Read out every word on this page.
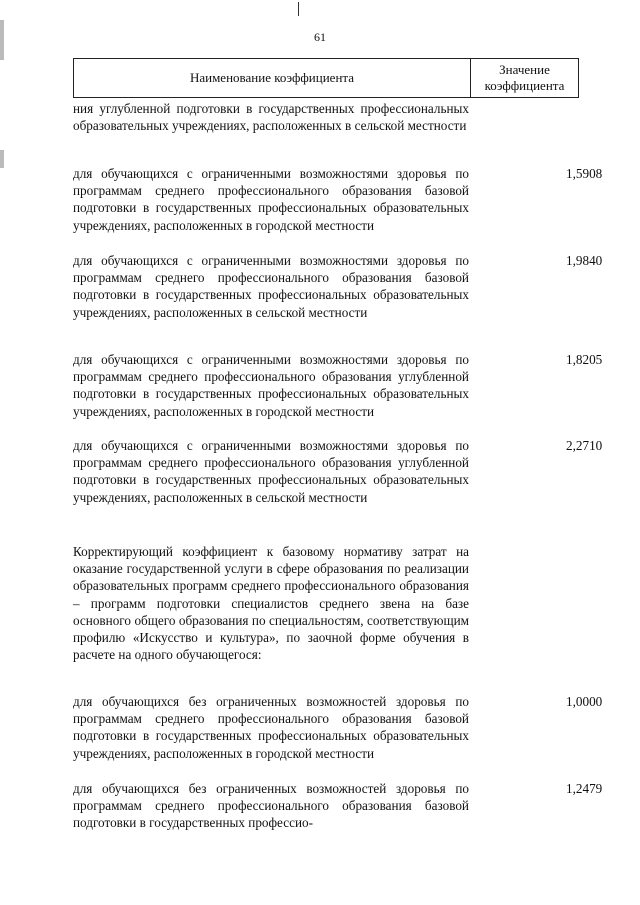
61
Наименование коэффициента
Значение
коэффициента
ния углубленной подготовки в государственных профессиональных образовательных учреждениях, расположенных в сельской местности
для обучающихся с ограниченными возможностями здоровья по программам среднего профессионального образования базовой подготовки в государственных профессиональных образовательных учреждениях, расположенных в городской местности
1,5908
для обучающихся с ограниченными возможностями здоровья по программам среднего профессионального образования базовой подготовки в государственных профессиональных образовательных учреждениях, расположенных в сельской местности
1,9840
для обучающихся с ограниченными возможностями здоровья по программам среднего профессионального образования углубленной подготовки в государственных профессиональных образовательных учреждениях, расположенных в городской местности
1,8205
для обучающихся с ограниченными возможностями здоровья по программам среднего профессионального образования углубленной подготовки в государственных профессиональных образовательных учреждениях, расположенных в сельской местности
2,2710
Корректирующий коэффициент к базовому нормативу затрат на оказание государственной услуги в сфере образования по реализации образовательных программ среднего профессионального образования – программ подготовки специалистов среднего звена на базе основного общего образования по специальностям, соответствующим профилю «Искусство и культура», по заочной форме обучения в расчете на одного обучающегося:
для обучающихся без ограниченных возможностей здоровья по программам среднего профессионального образования базовой подготовки в государственных профессиональных образовательных учреждениях, расположенных в городской местности
1,0000
для обучающихся без ограниченных возможностей здоровья по программам среднего профессионального образования базовой подготовки в государственных профессио-
1,2479
